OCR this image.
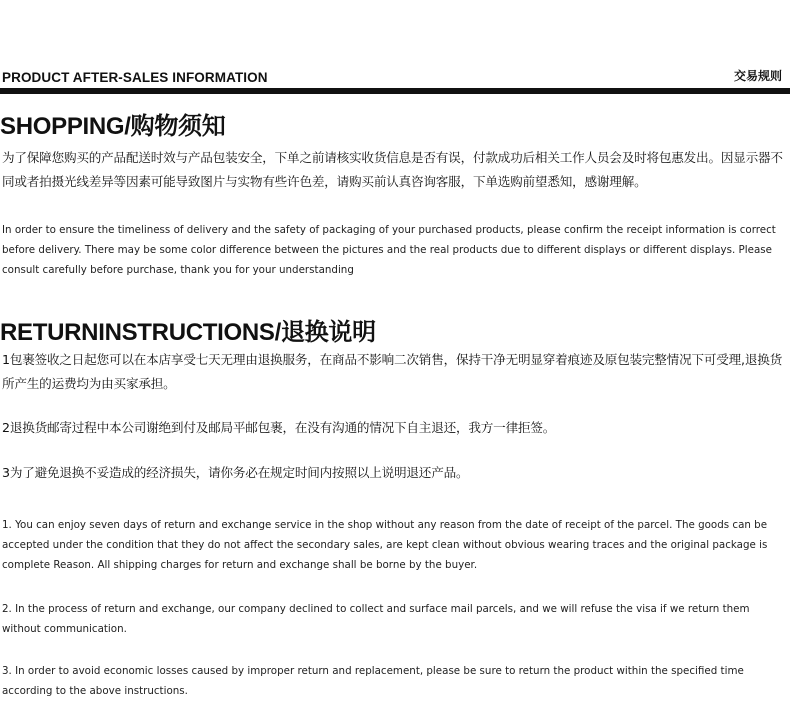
PRODUCT AFTER-SALES INFORMATION	交易规则
SHOPPING/购物须知
为了保障您购买的产品配送时效与产品包装安全，下单之前请核实收货信息是否有误，付款成功后相关工作人员会及时将包惠发出。因显示器不同或者拍摄光线差异等因素可能导致图片与实物有些许色差，请购买前认真咨询客服，下单选购前望悉知，感谢理解。
In order to ensure the timeliness of delivery and the safety of packaging of your purchased products, please confirm the receipt information is correct before delivery. There may be some color difference between the pictures and the real products due to different displays or different displays. Please consult carefully before purchase, thank you for your understanding
RETURNINSTRUCTIONS/退换说明
1包裹签收之日起您可以在本店享受七天无理由退换服务，在商品不影响二次销售，保持干净无明显穿着痕迹及原包装完整情况下可受理,退换货所产生的运费均为由买家承担。
2退换货邮寄过程中本公司谢绝到付及邮局平邮包裹，在没有沟通的情况下自主退还，我方一律拒签。
3为了避免退换不妥造成的经济损失，请你务必在规定时间内按照以上说明退还产品。
1. You can enjoy seven days of return and exchange service in the shop without any reason from the date of receipt of the parcel. The goods can be accepted under the condition that they do not affect the secondary sales, are kept clean without obvious wearing traces and the original package is complete Reason. All shipping charges for return and exchange shall be borne by the buyer.
2. In the process of return and exchange, our company declined to collect and surface mail parcels, and we will refuse the visa if we return them without communication.
3. In order to avoid economic losses caused by improper return and replacement, please be sure to return the product within the specified time according to the above instructions.
